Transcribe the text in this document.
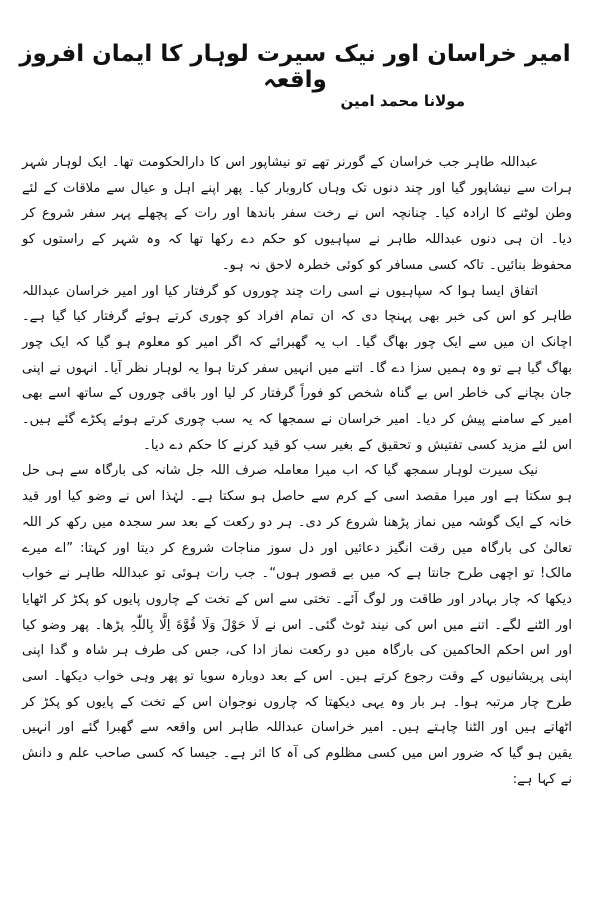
امیر خراسان اور نیک سیرت لوہار کا ایمان افروز واقعہ
مولانا محمد امین

عبداللہ طاہر جب خراسان کے گورنر تھے تو نیشاپور اس کا دارالحکومت تھا۔ ایک لوہار شہر ہرات سے نیشاپور گیا اور چند دنوں تک وہاں کاروبار کیا۔ پھر اپنے اہل و عیال سے ملاقات کے لئے وطن لوٹنے کا ارادہ کیا۔ چنانچہ اس نے رخت سفر باندھا اور رات کے پچھلے پہر سفر شروع کر دیا۔ ان ہی دنوں عبداللہ طاہر نے سپاہیوں کو حکم دے رکھا تھا کہ وہ شہر کے راستوں کو محفوظ بنائیں۔ تاکہ کسی مسافر کو کوئی خطرہ لاحق نہ ہو۔

اتفاق ایسا ہوا کہ سپاہیوں نے اسی رات چند چوروں کو گرفتار کیا اور امیر خراسان عبداللہ طاہر کو اس کی خبر بھی پہنچا دی کہ ان تمام افراد کو چوری کرتے ہوئے گرفتار کیا گیا ہے۔ اچانک ان میں سے ایک چور بھاگ گیا۔ اب یہ گھبرائے کہ اگر امیر کو معلوم ہو گیا کہ ایک چور بھاگ گیا ہے تو وہ ہمیں سزا دے گا۔ اتنے میں انہیں سفر کرتا ہوا یہ لوہار نظر آیا۔ انہوں نے اپنی جان بچانے کی خاطر اس بے گناہ شخص کو فوراً گرفتار کر لیا اور باقی چوروں کے ساتھ اسے بھی امیر کے سامنے پیش کر دیا۔ امیر خراسان نے سمجھا کہ یہ سب چوری کرتے ہوئے پکڑے گئے ہیں۔ اس لئے مزید کسی تفتیش و تحقیق کے بغیر سب کو قید کرنے کا حکم دے دیا۔

نیک سیرت لوہار سمجھ گیا کہ اب میرا معاملہ صرف اللہ جل شانہ کی بارگاہ سے ہی حل ہو سکتا ہے اور میرا مقصد اسی کے کرم سے حاصل ہو سکتا ہے۔ لہٰذا اس نے وضو کیا اور قید خانہ کے ایک گوشہ میں نماز پڑھنا شروع کر دی۔ ہر دو رکعت کے بعد سر سجدہ میں رکھ کر اللہ تعالیٰ کی بارگاہ میں رقت انگیز دعائیں اور دل سوز مناجات شروع کر دیتا اور کہتا: ”اے میرے مالک! تو اچھی طرح جانتا ہے کہ میں بے قصور ہوں“۔ جب رات ہوئی تو عبداللہ طاہر نے خواب دیکھا کہ چار بہادر اور طاقت ور لوگ آئے۔ تختی سے اس کے تخت کے چاروں پایوں کو پکڑ کر اٹھایا اور الٹنے لگے۔ اتنے میں اس کی نیند ٹوٹ گئی۔ اس نے لَا حَوْلَ وَلَا قُوَّةَ اِلَّا بِاللّٰہِ پڑھا۔ پھر وضو کیا اور اس احکم الحاکمین کی بارگاہ میں دو رکعت نماز ادا کی، جس کی طرف ہر شاہ و گدا اپنی اپنی پریشانیوں کے وقت رجوع کرتے ہیں۔ اس کے بعد دوبارہ سویا تو پھر وہی خواب دیکھا۔ اسی طرح چار مرتبہ ہوا۔ ہر بار وہ یہی دیکھتا کہ چاروں نوجوان اس کے تخت کے پایوں کو پکڑ کر اٹھاتے ہیں اور الٹنا چاہتے ہیں۔ امیر خراسان عبداللہ طاہر اس واقعہ سے گھبرا گئے اور انہیں یقین ہو گیا کہ ضرور اس میں کسی مظلوم کی آہ کا اثر ہے۔ جیسا کہ کسی صاحب علم و دانش نے کہا ہے:
